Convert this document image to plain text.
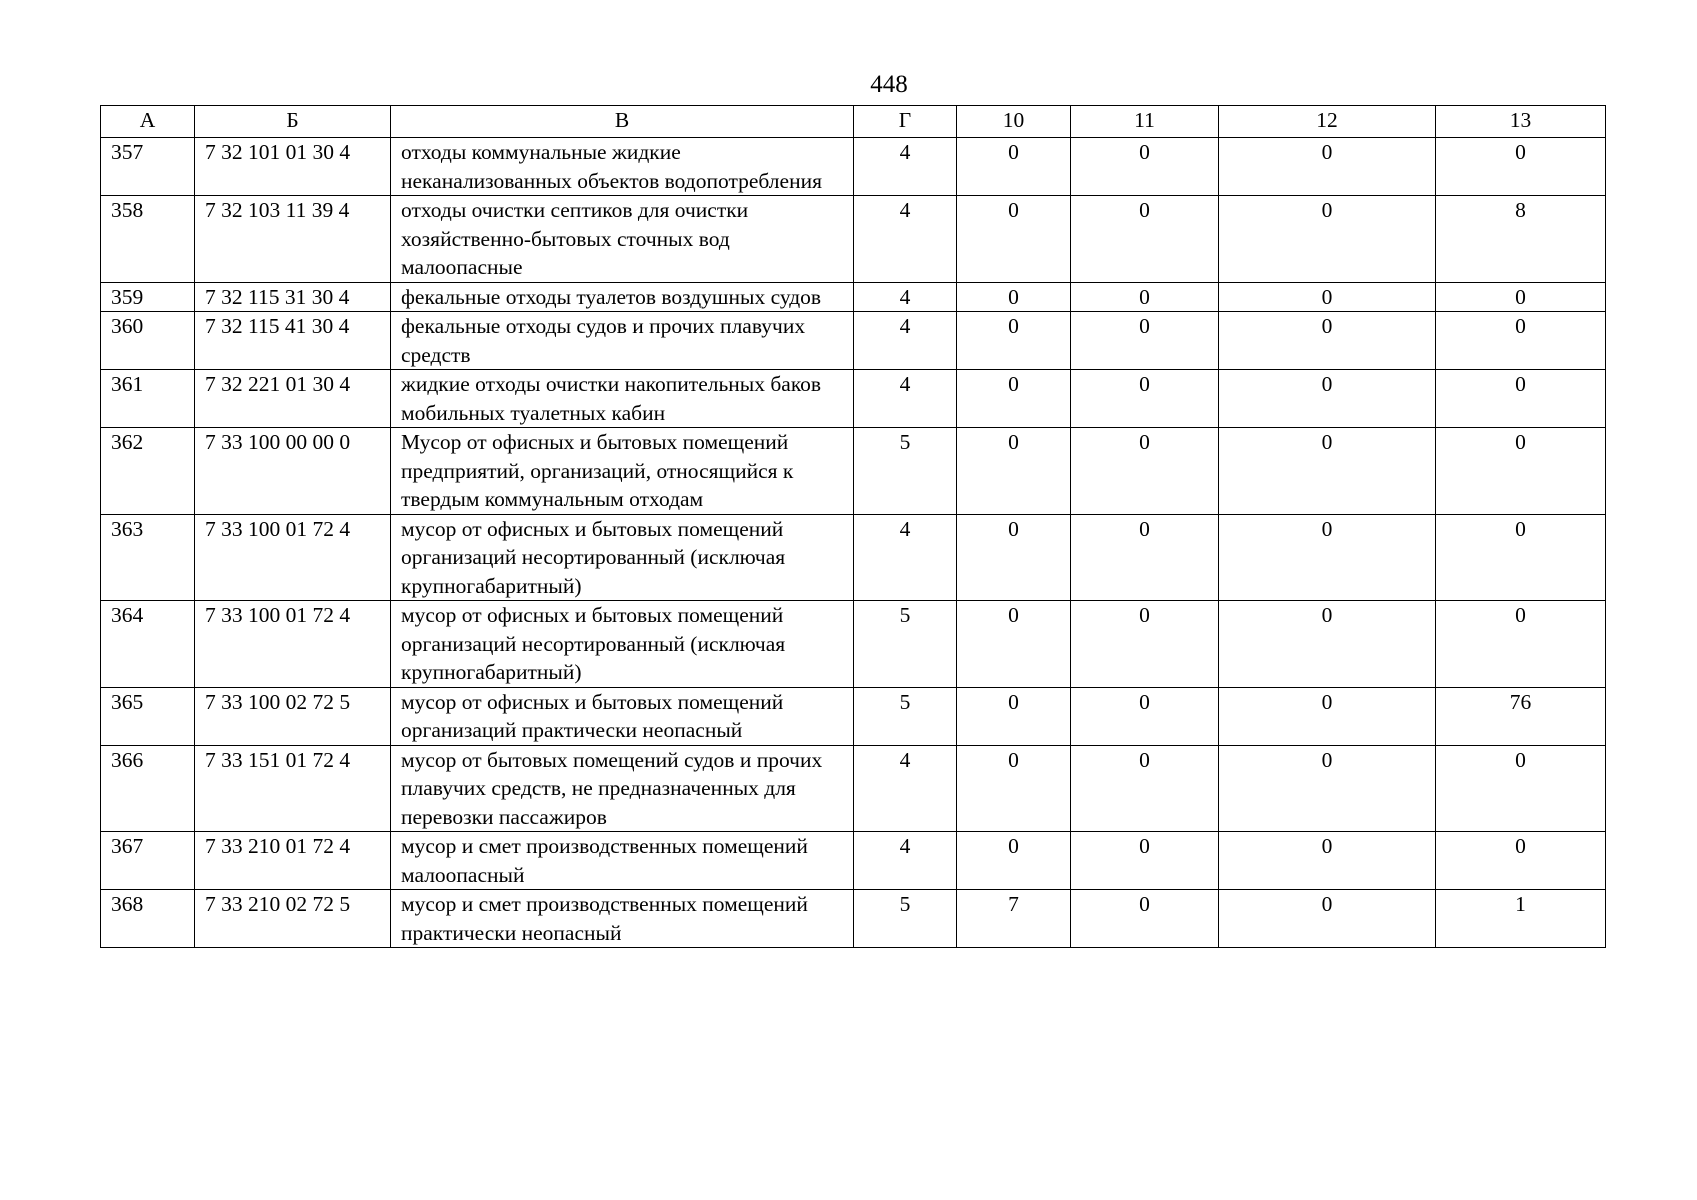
448
А	Б	В	Г	10	11	12	13
357	7 32 101 01 30 4	отходы коммунальные жидкие неканализованных объектов водопотребления	4	0	0	0	0
358	7 32 103 11 39 4	отходы очистки септиков для очистки хозяйственно-бытовых сточных вод малоопасные	4	0	0	0	8
359	7 32 115 31 30 4	фекальные отходы туалетов воздушных судов	4	0	0	0	0
360	7 32 115 41 30 4	фекальные отходы судов и прочих плавучих средств	4	0	0	0	0
361	7 32 221 01 30 4	жидкие отходы очистки накопительных баков мобильных туалетных кабин	4	0	0	0	0
362	7 33 100 00 00 0	Мусор от офисных и бытовых помещений предприятий, организаций, относящийся к твердым коммунальным отходам	5	0	0	0	0
363	7 33 100 01 72 4	мусор от офисных и бытовых помещений организаций несортированный (исключая крупногабаритный)	4	0	0	0	0
364	7 33 100 01 72 4	мусор от офисных и бытовых помещений организаций несортированный (исключая крупногабаритный)	5	0	0	0	0
365	7 33 100 02 72 5	мусор от офисных и бытовых помещений организаций практически неопасный	5	0	0	0	76
366	7 33 151 01 72 4	мусор от бытовых помещений судов и прочих плавучих средств, не предназначенных для перевозки пассажиров	4	0	0	0	0
367	7 33 210 01 72 4	мусор и смет производственных помещений малоопасный	4	0	0	0	0
368	7 33 210 02 72 5	мусор и смет производственных помещений практически неопасный	5	7	0	0	1
